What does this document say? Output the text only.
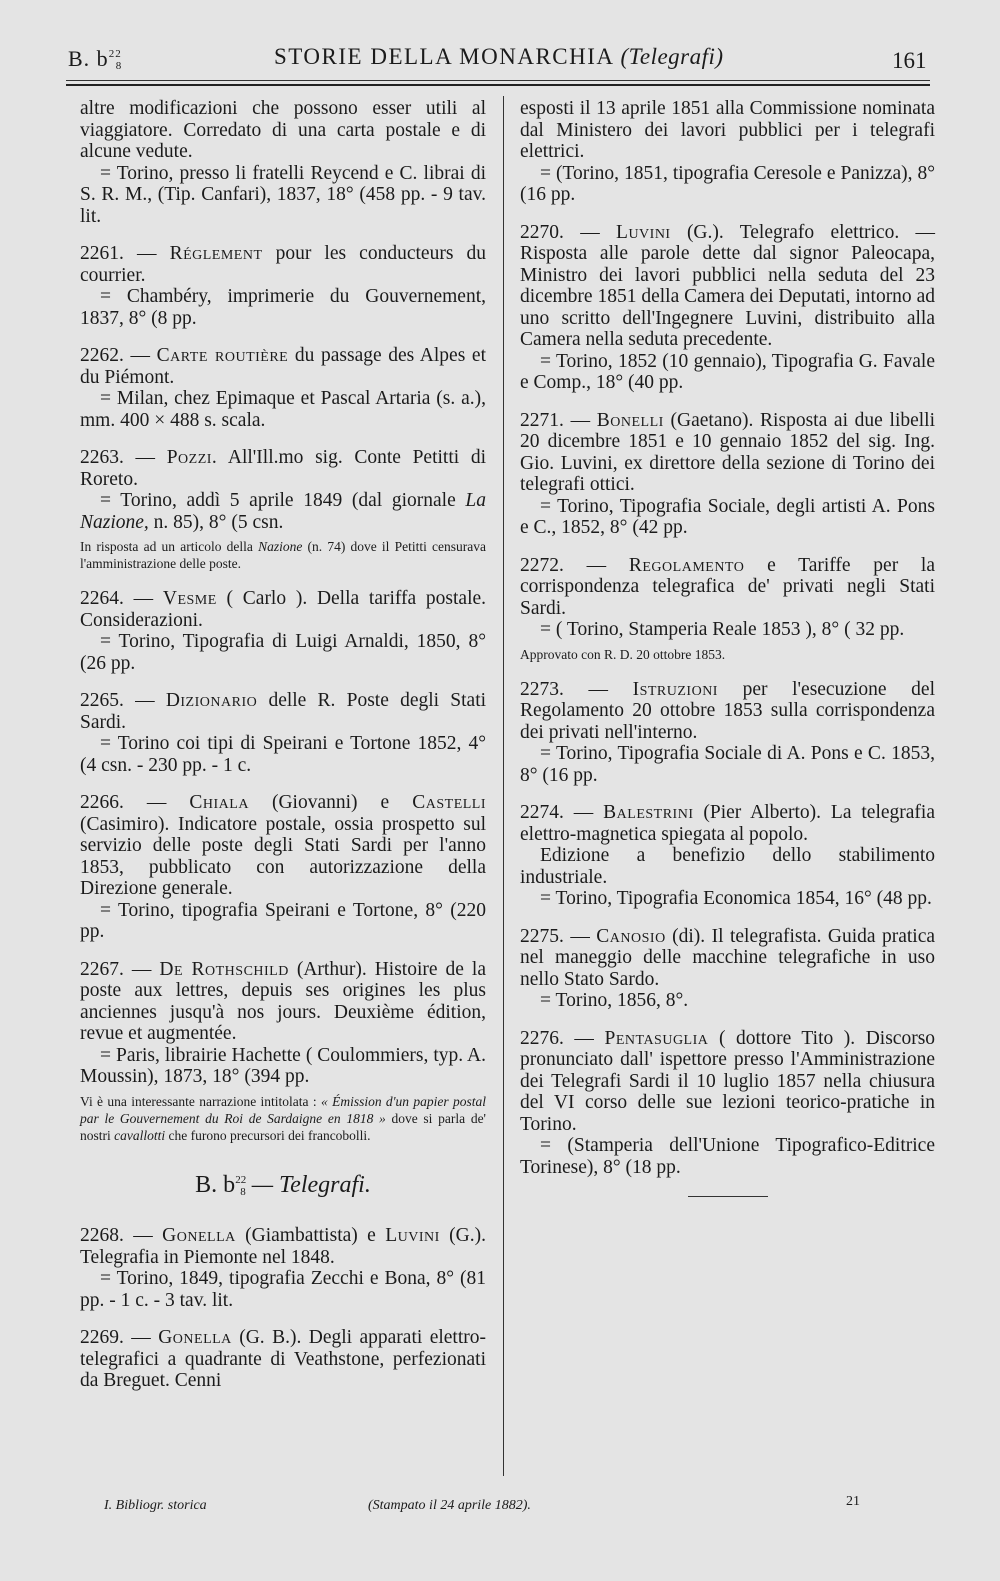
B. $b^{22}_8$	STORIE DELLA MONARCHIA (Telegrafi)	161

altre modificazioni che possono esser utili al viaggiatore. Corredato di una carta postale e di alcune vedute.

= Torino, presso li fratelli Reycend e C. librai di S. R. M., (Tip. Canfari), 1837, 18° (458 pp. - 9 tav. lit.

2261. — Réglement pour les conducteurs du courrier.

= Chambéry, imprimerie du Gouvernement, 1837, 8° (8 pp.

2262. — Carte routière du passage des Alpes et du Piémont.

= Milan, chez Epimaque et Pascal Artaria (s. a.), mm. 400 × 488 s. scala.

2263. — Pozzi. All'Ill.mo sig. Conte Petitti di Roreto.

= Torino, addì 5 aprile 1849 (dal giornale La Nazione, n. 85), 8° (5 csn.

In risposta ad un articolo della Nazione (n. 74) dove il Petitti censurava l'amministrazione delle poste.

2264. — Vesme ( Carlo ). Della tariffa postale. Considerazioni.

= Torino, Tipografia di Luigi Arnaldi, 1850, 8° (26 pp.

2265. — Dizionario delle R. Poste degli Stati Sardi.

= Torino coi tipi di Speirani e Tortone 1852, 4° (4 csn. - 230 pp. - 1 c.

2266. — Chiala (Giovanni) e Castelli (Casimiro). Indicatore postale, ossia prospetto sul servizio delle poste degli Stati Sardi per l'anno 1853, pubblicato con autorizzazione della Direzione generale.

= Torino, tipografia Speirani e Tortone, 8° (220 pp.

2267. — De Rothschild (Arthur). Histoire de la poste aux lettres, depuis ses origines les plus anciennes jusqu'à nos jours. Deuxième édition, revue et augmentée.

= Paris, librairie Hachette ( Coulommiers, typ. A. Moussin), 1873, 18° (394 pp.

Vi è una interessante narrazione intitolata : « Émission d'un papier postal par le Gouvernement du Roi de Sardaigne en 1818 » dove si parla de' nostri cavallotti che furono precursori dei francobolli.

B. $b^{22}_8$ — Telegrafi.

2268. — Gonella (Giambattista) e Luvini (G.). Telegrafia in Piemonte nel 1848.

= Torino, 1849, tipografia Zecchi e Bona, 8° (81 pp. - 1 c. - 3 tav. lit.

2269. — Gonella (G. B.). Degli apparati elettro-telegrafici a quadrante di Veathstone, perfezionati da Breguet. Cenni

esposti il 13 aprile 1851 alla Commissione nominata dal Ministero dei lavori pubblici per i telegrafi elettrici.

= (Torino, 1851, tipografia Ceresole e Panizza), 8° (16 pp.

2270. — Luvini (G.). Telegrafo elettrico. — Risposta alle parole dette dal signor Paleocapa, Ministro dei lavori pubblici nella seduta del 23 dicembre 1851 della Camera dei Deputati, intorno ad uno scritto dell'Ingegnere Luvini, distribuito alla Camera nella seduta precedente.

= Torino, 1852 (10 gennaio), Tipografia G. Favale e Comp., 18° (40 pp.

2271. — Bonelli (Gaetano). Risposta ai due libelli 20 dicembre 1851 e 10 gennaio 1852 del sig. Ing. Gio. Luvini, ex direttore della sezione di Torino dei telegrafi ottici.

= Torino, Tipografia Sociale, degli artisti A. Pons e C., 1852, 8° (42 pp.

2272. — Regolamento e Tariffe per la corrispondenza telegrafica de' privati negli Stati Sardi.

= ( Torino, Stamperia Reale 1853 ), 8° ( 32 pp.

Approvato con R. D. 20 ottobre 1853.

2273. — Istruzioni per l'esecuzione del Regolamento 20 ottobre 1853 sulla corrispondenza dei privati nell'interno.

= Torino, Tipografia Sociale di A. Pons e C. 1853, 8° (16 pp.

2274. — Balestrini (Pier Alberto). La telegrafia elettro-magnetica spiegata al popolo.

Edizione a benefizio dello stabilimento industriale.

= Torino, Tipografia Economica 1854, 16° (48 pp.

2275. — Canosio (di). Il telegrafista. Guida pratica nel maneggio delle macchine telegrafiche in uso nello Stato Sardo.

= Torino, 1856, 8°.

2276. — Pentasuglia ( dottore Tito ). Discorso pronunciato dall' ispettore presso l'Amministrazione dei Telegrafi Sardi il 10 luglio 1857 nella chiusura del VI corso delle sue lezioni teorico-pratiche in Torino.

= (Stamperia dell'Unione Tipografico-Editrice Torinese), 8° (18 pp.

I. Bibliogr. storica	(Stampato il 24 aprile 1882).	21
